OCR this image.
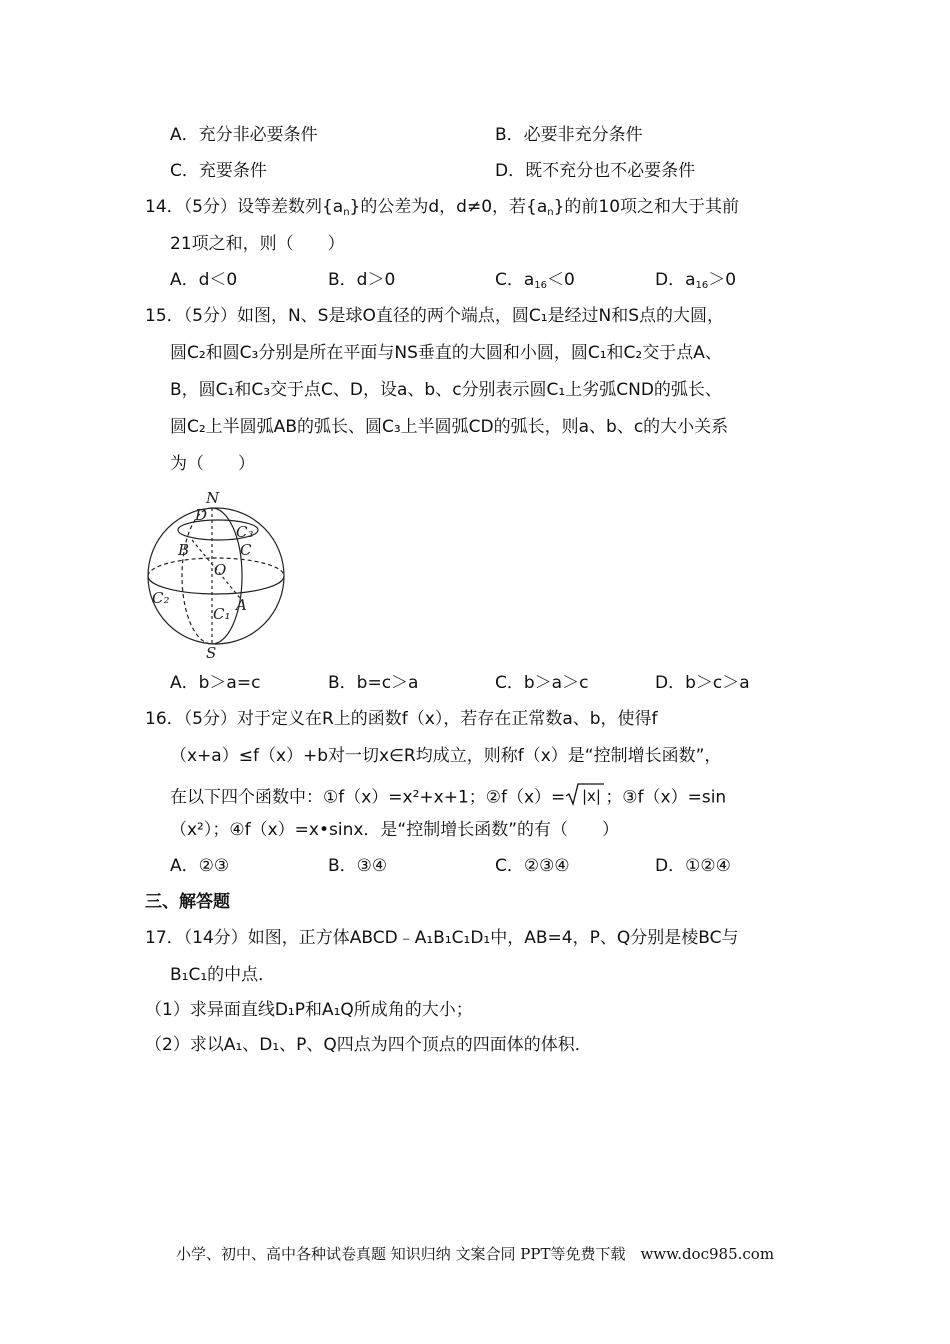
A．充分非必要条件	B．必要非充分条件
C．充要条件	D．既不充分也不必要条件
14．（5分）设等差数列$\{a_n\}$的公差为d，d≠0，若$\{a_n\}$的前10项之和大于其前
21项之和，则（　　）
A．d＜0	B．d＞0	C．$a_{16}<0$	D．$a_{16}>0$
15．（5分）如图，N、S是球O直径的两个端点，圆C₁是经过N和S点的大圆，
圆C₂和圆C₃分别是所在平面与NS垂直的大圆和小圆，圆C₁和C₂交于点A、
B，圆C₁和C₃交于点C、D，设a、b、c分别表示圆C₁上劣弧CND的弧长、
圆C₂上半圆弧AB的弧长、圆C₃上半圆弧CD的弧长，则a、b、c的大小关系
为（　　）
N
D
C₃
B	C
O
C₂
C₁ A
S
A．b＞a=c	B．b=c＞a	C．b＞a＞c	D．b＞c＞a
16．（5分）对于定义在R上的函数f（x），若存在正常数a、b，使得f
（x+a）≤f（x）+b对一切x∈R均成立，则称f（x）是“控制增长函数”，
在以下四个函数中：①f（x）=x²+x+1；②f（x）= |x| ；③f（x）=sin
（x²）；④f（x）=x•sinx．是“控制增长函数”的有（　　）
A．②③	B．③④	C．②③④	D．①②④
三、解答题
17．（14分）如图，正方体ABCD﹣A₁B₁C₁D₁中，AB=4，P、Q分别是棱BC与
B₁C₁的中点．
（1）求异面直线D₁P和A₁Q所成角的大小；
（2）求以A₁、D₁、P、Q四点为四个顶点的四面体的体积．
小学、初中、高中各种试卷真题 知识归纳 文案合同 PPT等免费下载　www.doc985.com
